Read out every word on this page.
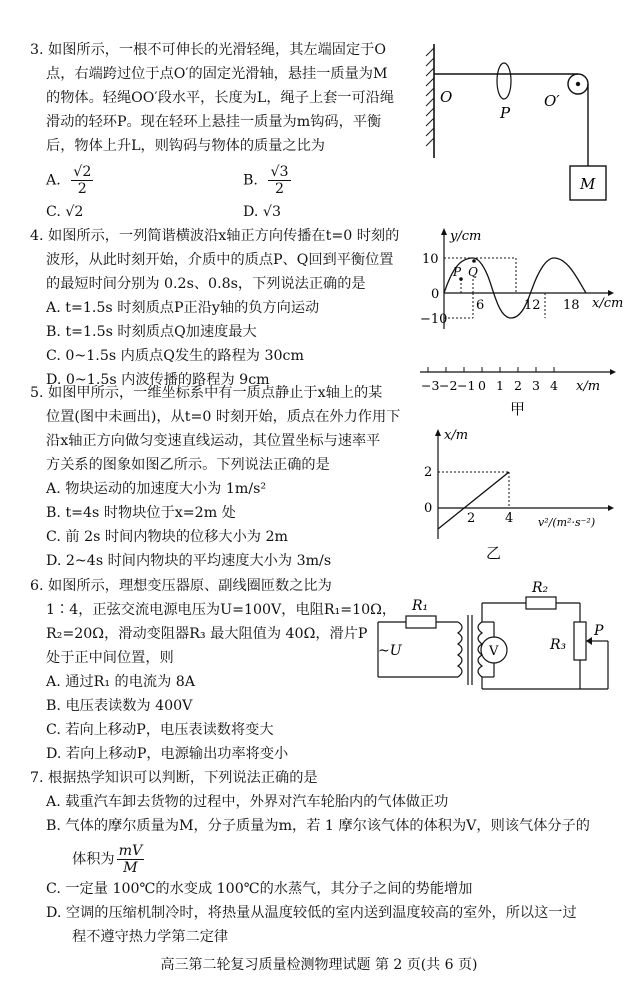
3. 如图所示，一根不可伸长的光滑轻绳，其左端固定于O
点，右端跨过位于点O′的固定光滑轴，悬挂一质量为M
的物体。轻绳OO′段水平，长度为L，绳子上套一可沿绳
滑动的轻环P。现在轻环上悬挂一质量为m钩码，平衡
后，物体上升L，则钩码与物体的质量之比为
A. $\frac{√2}{2}$	B. $\frac{√3}{2}$
C. √2	D. √3
O
P
O′
M
4. 如图所示，一列简谐横波沿x轴正方向传播在t=0 时刻的
波形，从此时刻开始，介质中的质点P、Q回到平衡位置
的最短时间分别为 0.2s、0.8s，下列说法正确的是
A. t=1.5s 时刻质点P正沿y轴的负方向运动
B. t=1.5s 时刻质点Q加速度最大
C. 0~1.5s 内质点Q发生的路程为 30cm
D. 0~1.5s 内波传播的路程为 9cm
y/cm
x/cm
10
0
−10
6	12 18
P Q
−3 −2 −1 0 1 2 3 4 x/m
甲
5. 如图甲所示，一维坐标系中有一质点静止于x轴上的某
位置(图中未画出)，从t=0 时刻开始，质点在外力作用下
沿x轴正方向做匀变速直线运动，其位置坐标与速率平
方关系的图象如图乙所示。下列说法正确的是
A. 物块运动的加速度大小为 1m/s²
B. t=4s 时物块位于x=2m 处
C. 前 2s 时间内物块的位移大小为 2m
D. 2~4s 时间内物块的平均速度大小为 3m/s
x/m
2
0
2 4 v²/(m²·s⁻²)
乙
6. 如图所示，理想变压器原、副线圈匝数之比为
1∶4，正弦交流电源电压为U=100V，电阻R₁=10Ω，
R₂=20Ω，滑动变阻器R₃ 最大阻值为 40Ω，滑片P
处于正中间位置，则
A. 通过R₁ 的电流为 8A
B. 电压表读数为 400V
C. 若向上移动P，电压表读数将变大
D. 若向上移动P，电源输出功率将变小
R₁
R₂
R₃
P
~U	V
7. 根据热学知识可以判断，下列说法正确的是
A. 载重汽车卸去货物的过程中，外界对汽车轮胎内的气体做正功
B. 气体的摩尔质量为M，分子质量为m，若 1 摩尔该气体的体积为V，则该气体分子的
体积为 $\frac{mV}{M}$
C. 一定量 100℃的水变成 100℃的水蒸气，其分子之间的势能增加
D. 空调的压缩机制冷时，将热量从温度较低的室内送到温度较高的室外，所以这一过
程不遵守热力学第二定律
高三第二轮复习质量检测物理试题 第 2 页(共 6 页)
